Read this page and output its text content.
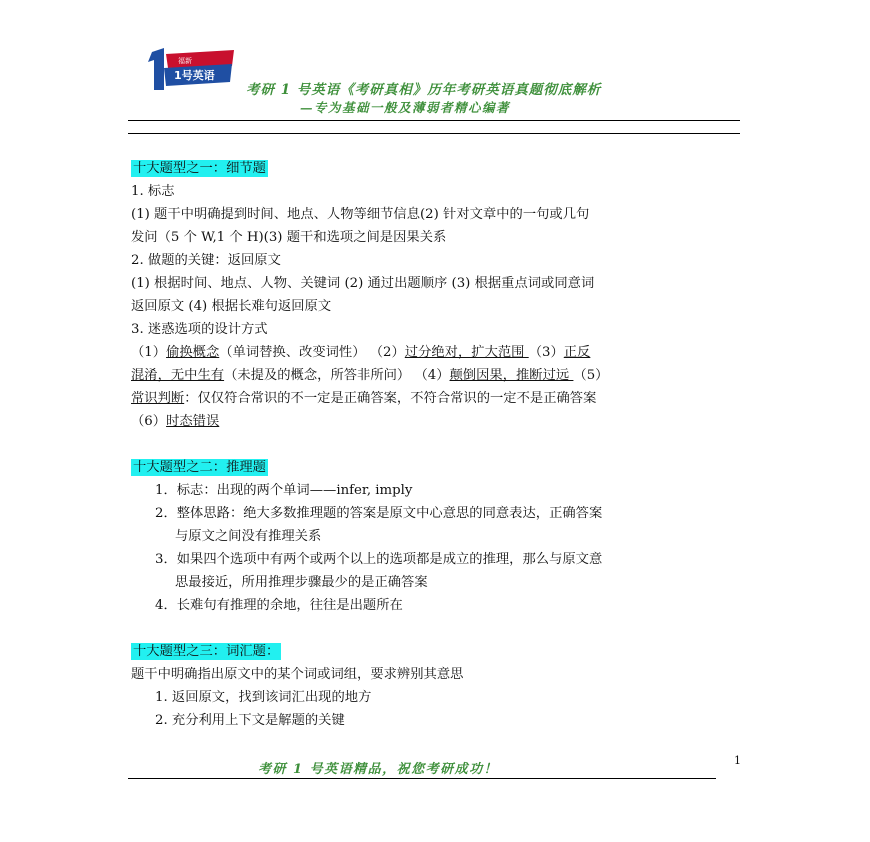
福新
1号英语
考研 1 号英语《考研真相》历年考研英语真题彻底解析
—专为基础一般及薄弱者精心编著
十大题型之一：细节题
1. 标志
(1) 题干中明确提到时间、地点、人物等细节信息(2) 针对文章中的一句或几句
发问（5 个 W,1 个 H)(3) 题干和选项之间是因果关系
2. 做题的关键：返回原文
(1) 根据时间、地点、人物、关键词 (2) 通过出题顺序 (3) 根据重点词或同意词
返回原文 (4) 根据长难句返回原文
3. 迷惑选项的设计方式
（1）偷换概念（单词替换、改变词性） （2）过分绝对，扩大范围 （3）正反
混淆，无中生有（未提及的概念，所答非所问） （4）颠倒因果，推断过远 （5）
常识判断：仅仅符合常识的不一定是正确答案，不符合常识的一定不是正确答案
（6）时态错误
十大题型之二：推理题
1．标志：出现的两个单词——infer, imply
2．整体思路：绝大多数推理题的答案是原文中心意思的同意表达，正确答案
与原文之间没有推理关系
3．如果四个选项中有两个或两个以上的选项都是成立的推理，那么与原文意
思最接近，所用推理步骤最少的是正确答案
4．长难句有推理的余地，往往是出题所在
十大题型之三：词汇题：
题干中明确指出原文中的某个词或词组，要求辨别其意思
1. 返回原文，找到该词汇出现的地方
2. 充分利用上下文是解题的关键
考研 1 号英语精品，祝您考研成功！
1
